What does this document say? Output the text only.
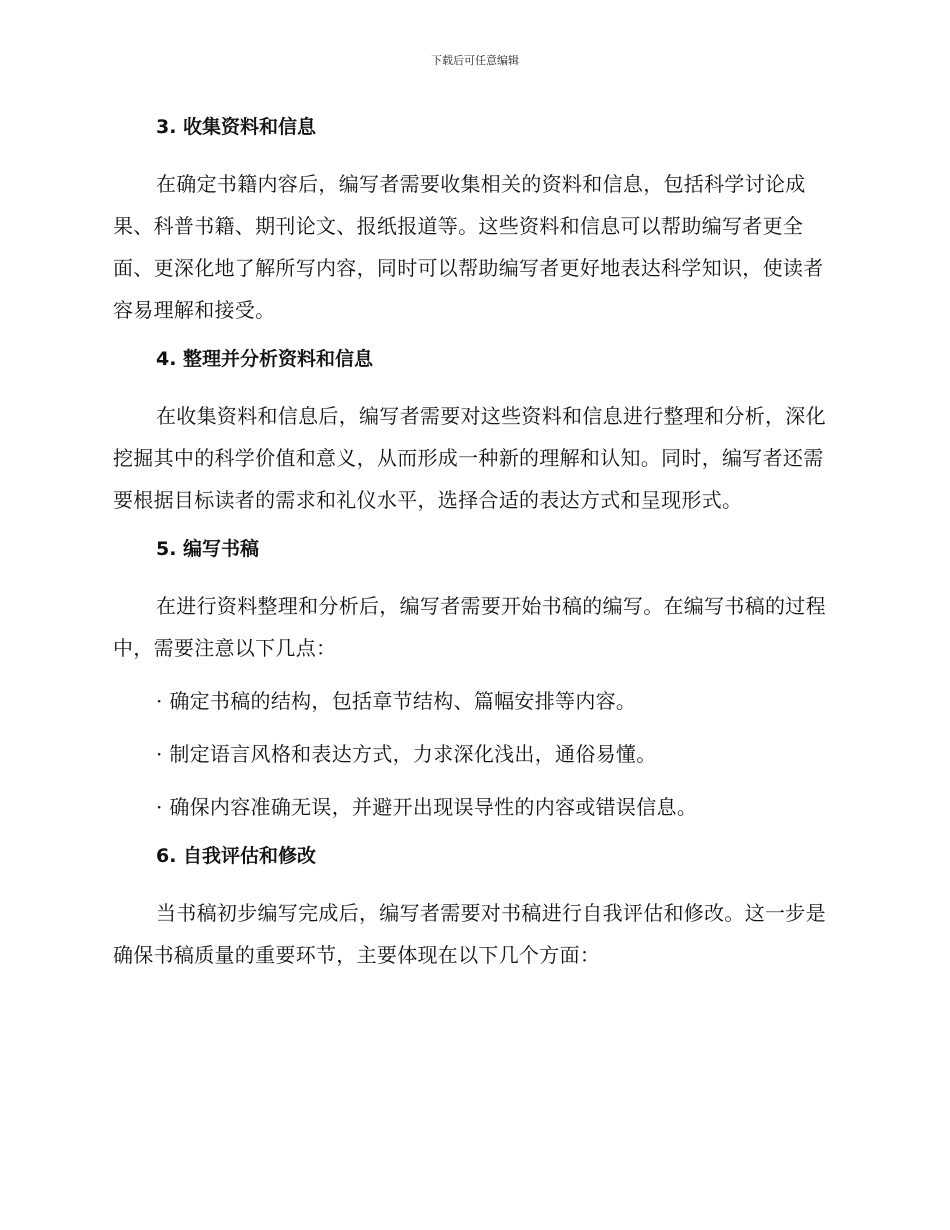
下载后可任意编辑
3. 收集资料和信息
在确定书籍内容后，编写者需要收集相关的资料和信息，包括科学讨论成果、科普书籍、期刊论文、报纸报道等。这些资料和信息可以帮助编写者更全面、更深化地了解所写内容，同时可以帮助编写者更好地表达科学知识，使读者容易理解和接受。
4. 整理并分析资料和信息
在收集资料和信息后，编写者需要对这些资料和信息进行整理和分析，深化挖掘其中的科学价值和意义，从而形成一种新的理解和认知。同时，编写者还需要根据目标读者的需求和礼仪水平，选择合适的表达方式和呈现形式。
5. 编写书稿
在进行资料整理和分析后，编写者需要开始书稿的编写。在编写书稿的过程中，需要注意以下几点：
· 确定书稿的结构，包括章节结构、篇幅安排等内容。
· 制定语言风格和表达方式，力求深化浅出，通俗易懂。
· 确保内容准确无误，并避开出现误导性的内容或错误信息。
6. 自我评估和修改
当书稿初步编写完成后，编写者需要对书稿进行自我评估和修改。这一步是确保书稿质量的重要环节，主要体现在以下几个方面：
